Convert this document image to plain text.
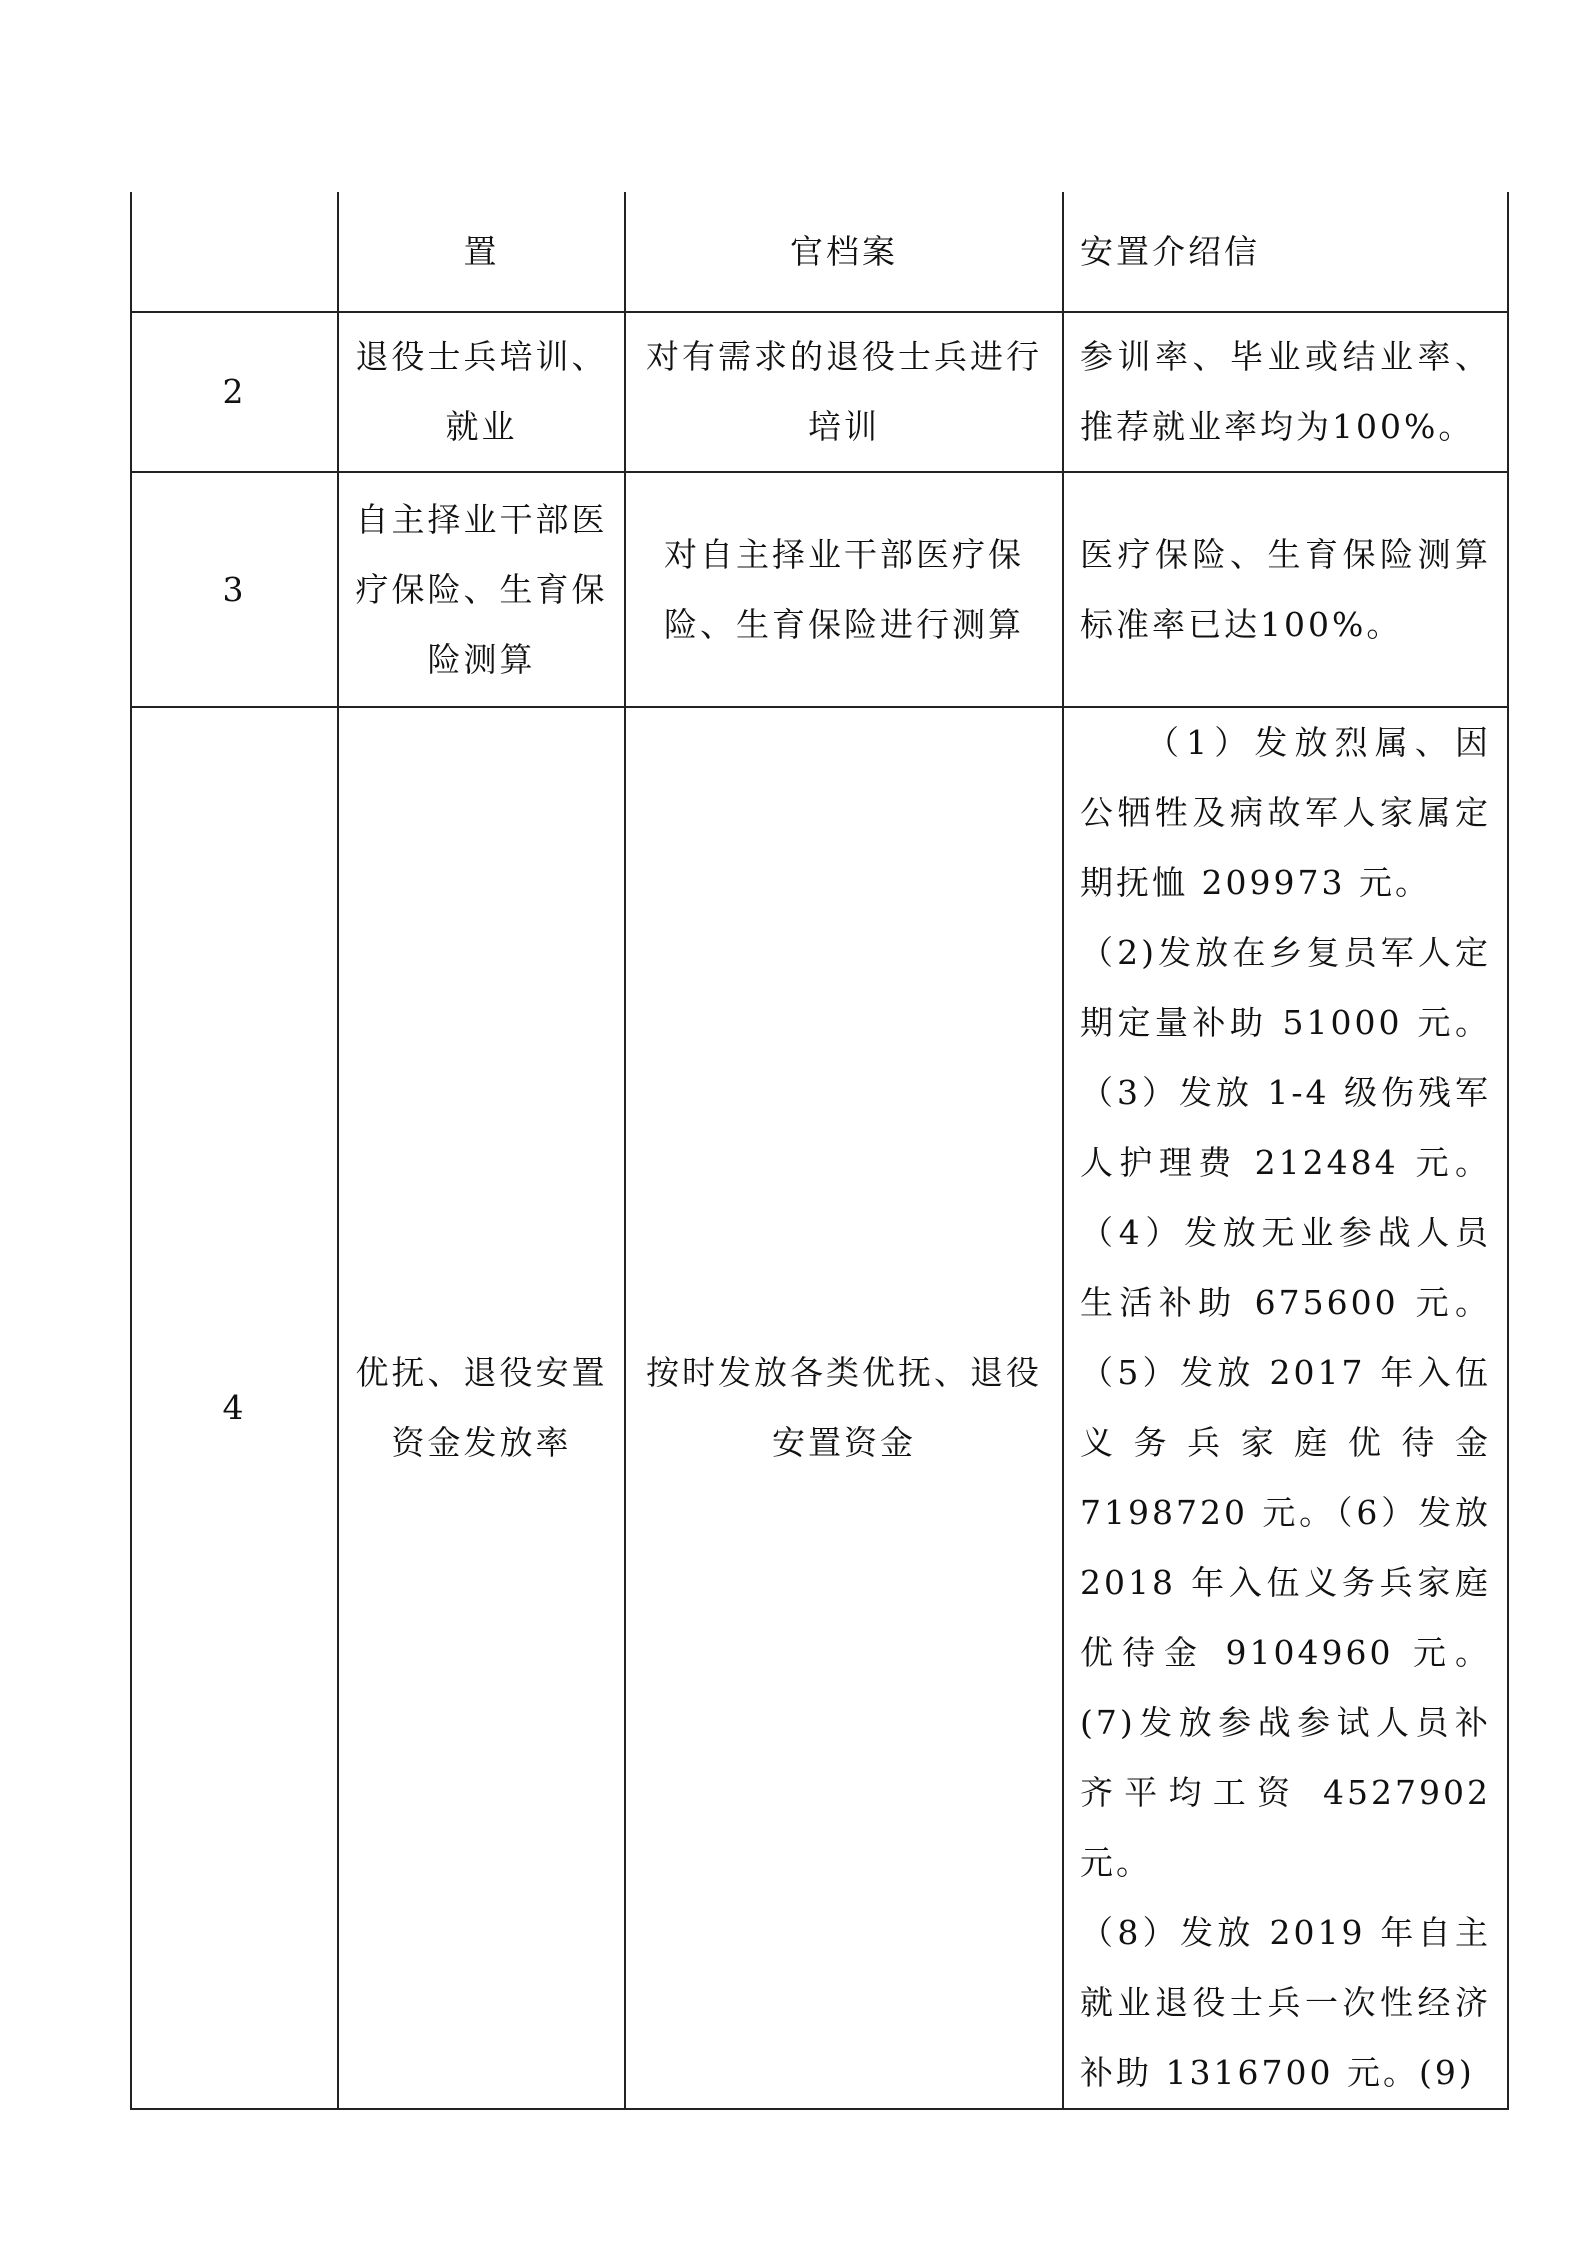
	置	官档案	安置介绍信
2	退役士兵培训、就业	对有需求的退役士兵进行培训	参训率、毕业或结业率、推荐就业率均为100%。
3	自主择业干部医疗保险、生育保险测算	对自主择业干部医疗保险、生育保险进行测算	医疗保险、生育保险测算标准率已达100%。
4	优抚、退役安置资金发放率	按时发放各类优抚、退役安置资金	（1）发放烈属、因公牺牲及病故军人家属定期抚恤 209973 元。
（2)发放在乡复员军人定期定量补助 51000 元。（3）发放 1-4 级伤残军人护理费 212484 元。（4）发放无业参战人员生活补助 675600 元。（5）发放 2017 年入伍义务兵家庭优待金 7198720 元。（6）发放 2018 年入伍义务兵家庭优待金 9104960 元。(7)发放参战参试人员补齐平均工资 4527902 元。
（8）发放 2019 年自主就业退役士兵一次性经济补助 1316700 元。(9)
